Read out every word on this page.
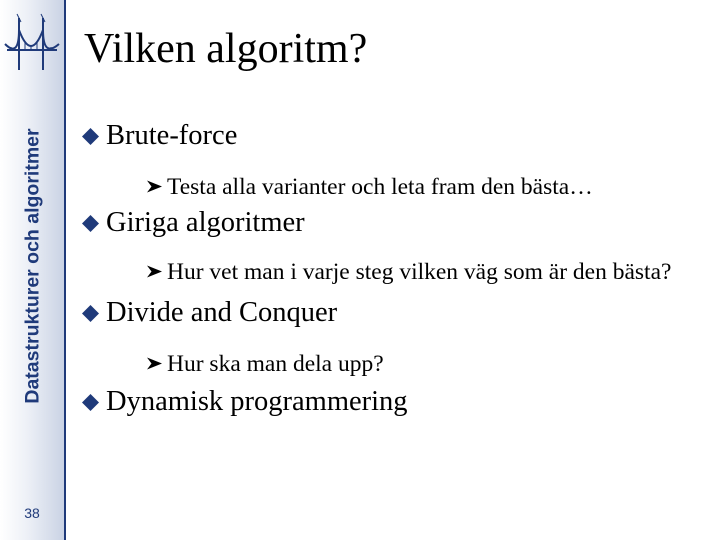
Datastrukturer och algoritmer
38
Vilken algoritm?
Brute-force
Testa alla varianter och leta fram den bästa…
Giriga algoritmer
Hur vet man i varje steg vilken väg som är den bästa?
Divide and Conquer
Hur ska man dela upp?
Dynamisk programmering
